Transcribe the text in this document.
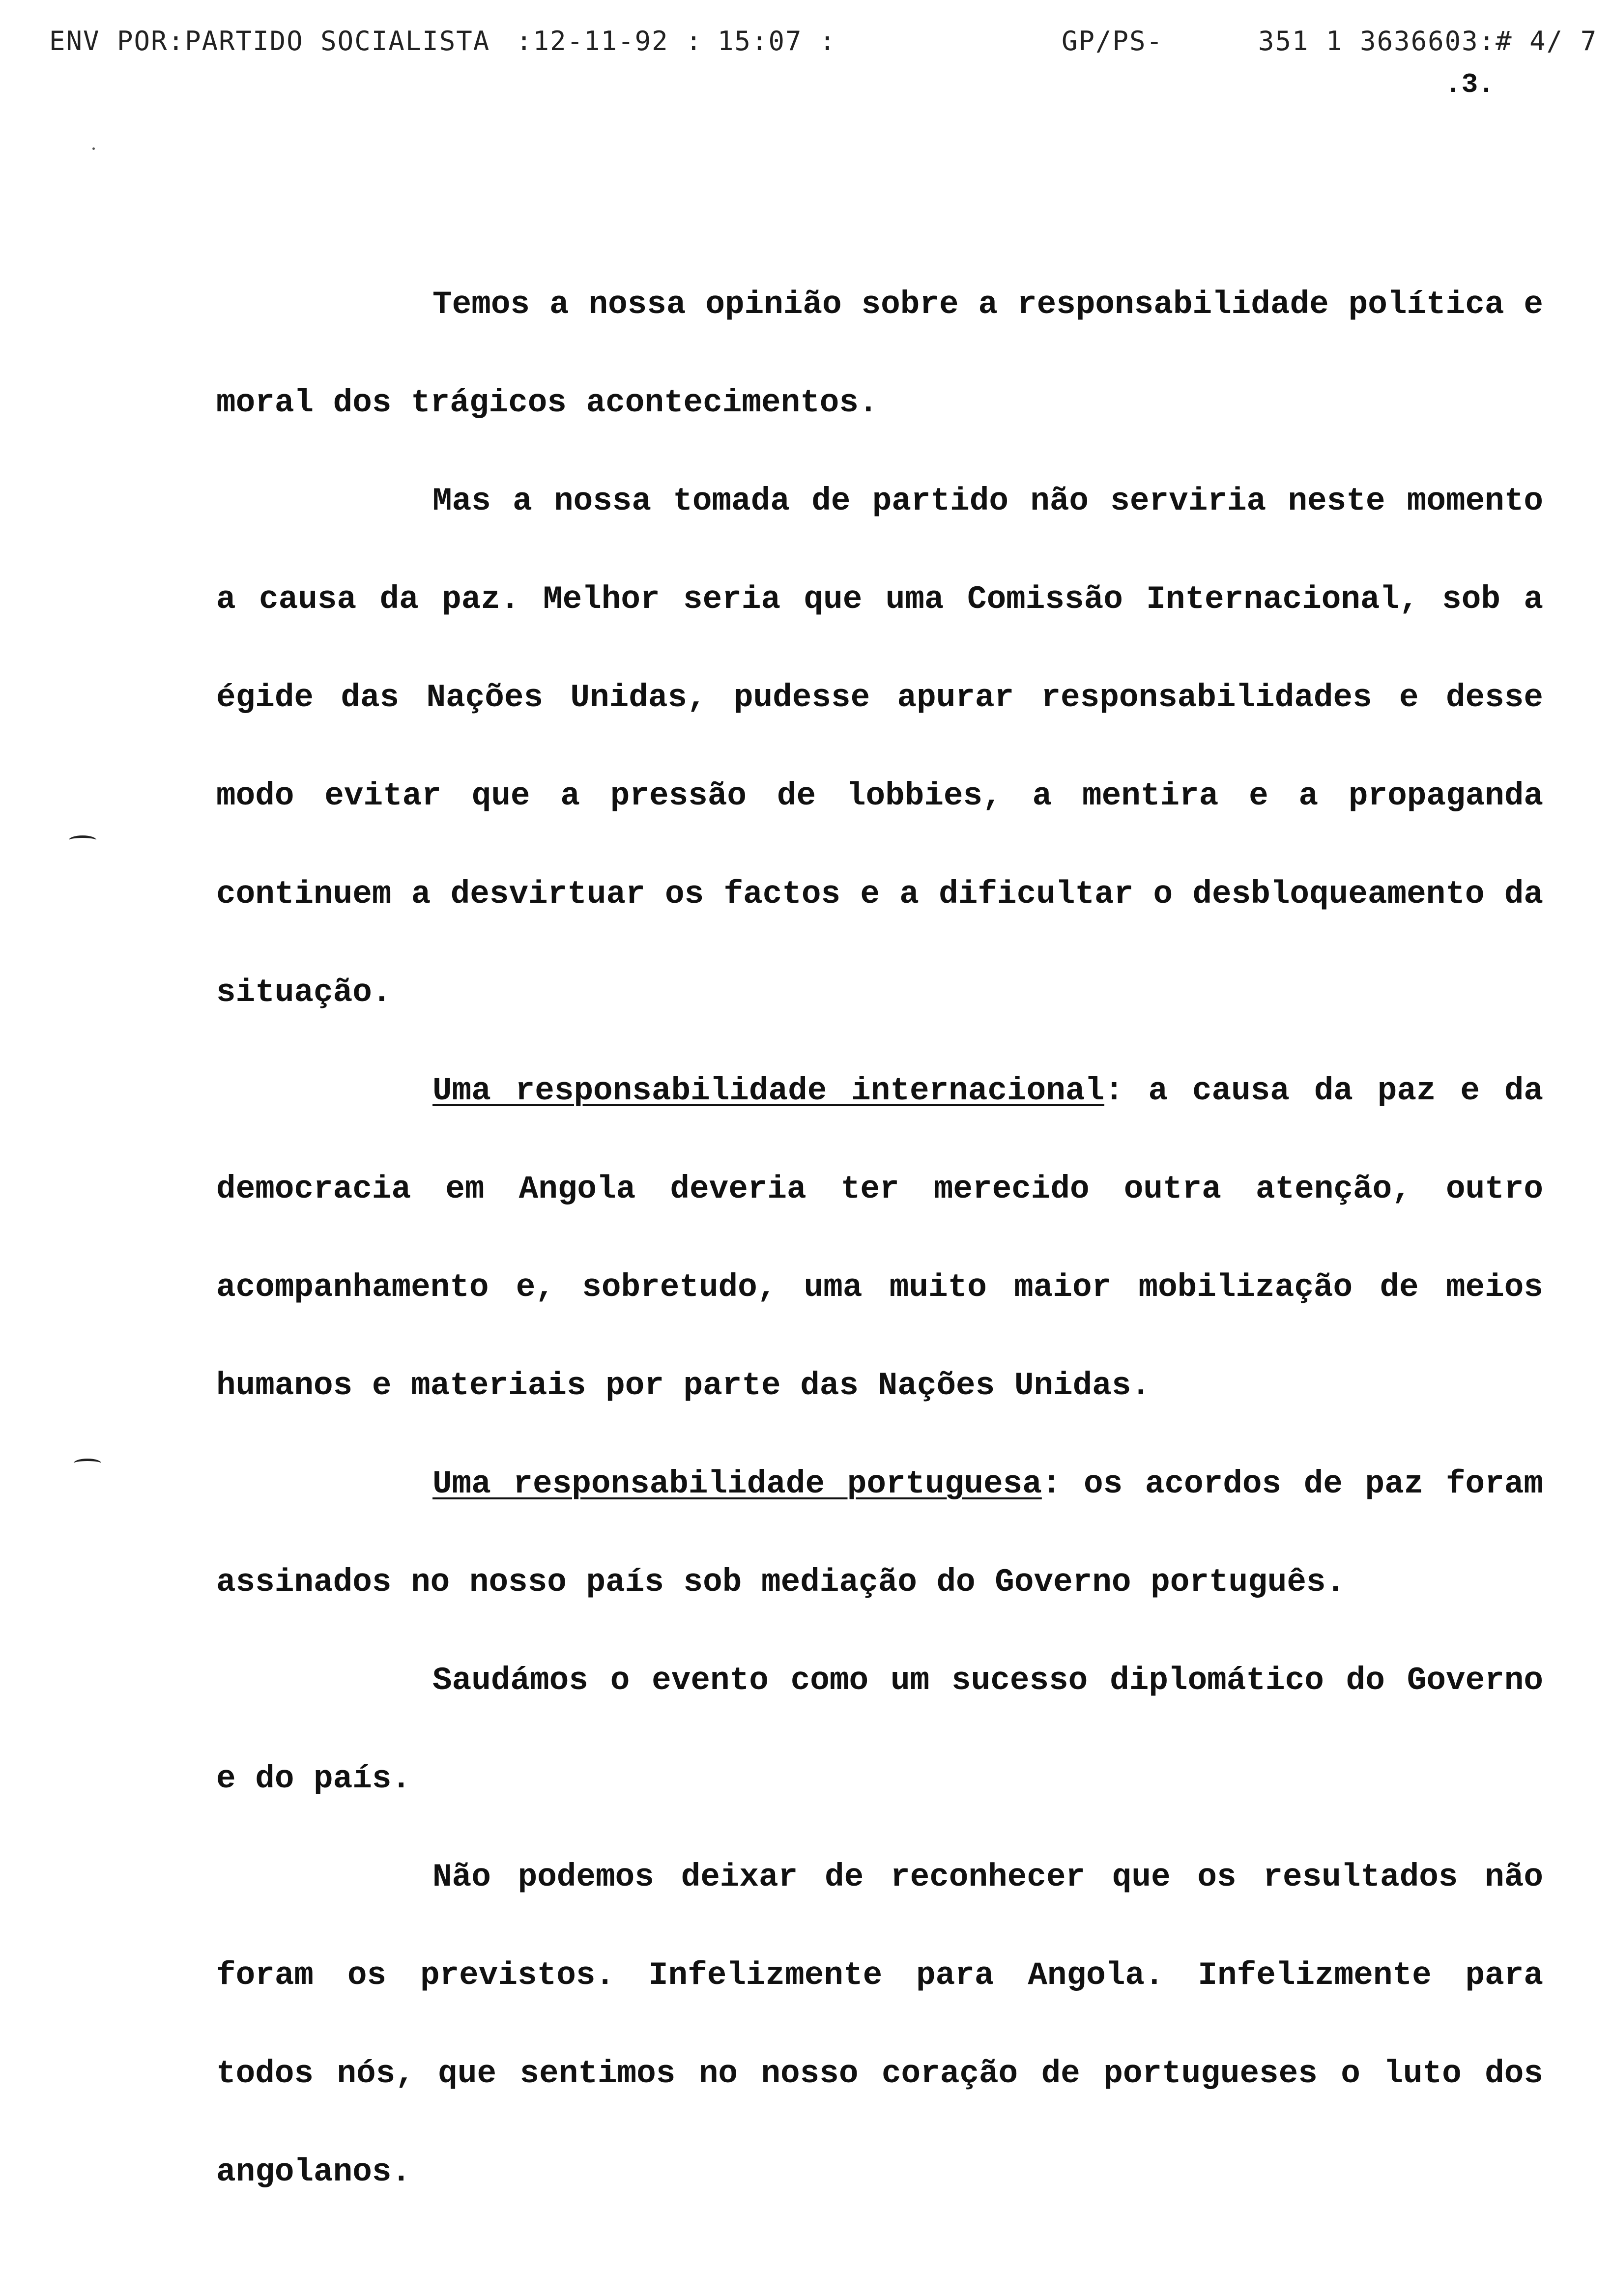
ENV POR:PARTIDO SOCIALISTA

:12-11-92 :

15:07 :

	GP/PS-

	351 1 3636603:# 4/ 7

.3.

Temos a nossa opinião sobre a responsabilidade política e moral dos trágicos acontecimentos.

Mas a nossa tomada de partido não serviria neste momento a causa da paz. Melhor seria que uma Comissão Internacional, sob a égide das Nações Unidas, pudesse apurar responsabilidades e desse modo evitar que a pressão de lobbies, a mentira e a propaganda continuem a desvirtuar os factos e a dificultar o desbloqueamento da situação.

Uma responsabilidade internacional: a causa da paz e da democracia em Angola deveria ter merecido outra atenção, outro acompanhamento e, sobretudo, uma muito maior mobilização de meios humanos e materiais por parte das Nações Unidas.

Uma responsabilidade portuguesa: os acordos de paz foram assinados no nosso país sob mediação do Governo português.

Saudámos o evento como um sucesso diplomático do Governo e do país.

Não podemos deixar de reconhecer que os resultados não foram os previstos. Infelizmente para Angola. Infelizmente para todos nós, que sentimos no nosso coração de portugueses o luto dos angolanos.
